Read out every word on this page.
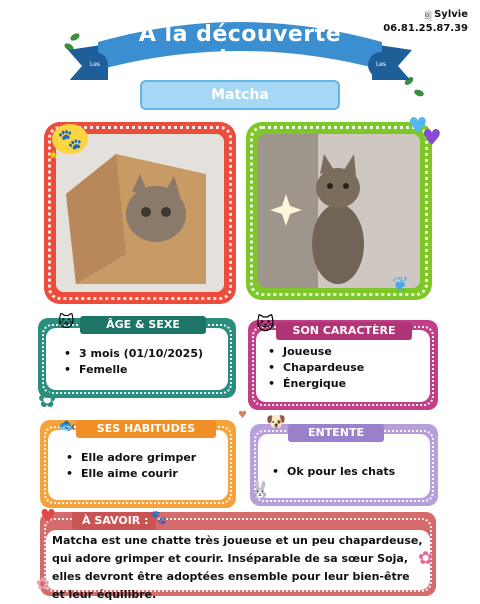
Les Chats de
Les Chats de
À la découverte de...
☏ Sylvie
06.81.25.87.39
Matcha
🐾
★
♥
♥
❦
• 3 mois (01/10/2025)
• Femelle
ÂGE & SEXE
🐱
✿
• Joueuse
• Chapardeuse
• Énergique
SON CARACTÈRE
🐱
• Elle adore grimper
• Elle aime courir
SES HABITUDES
🐟
• Ok pour les chats
ENTENTE
🐶
♥
🐰

Matcha est une chatte très joueuse et un peu chapardeuse, qui adore grimper et courir. Inséparable de sa sœur Soja, elles devront être adoptées ensemble pour leur bien-être et leur équilibre.

À SAVOIR :
♥	🐾
✿
✿
